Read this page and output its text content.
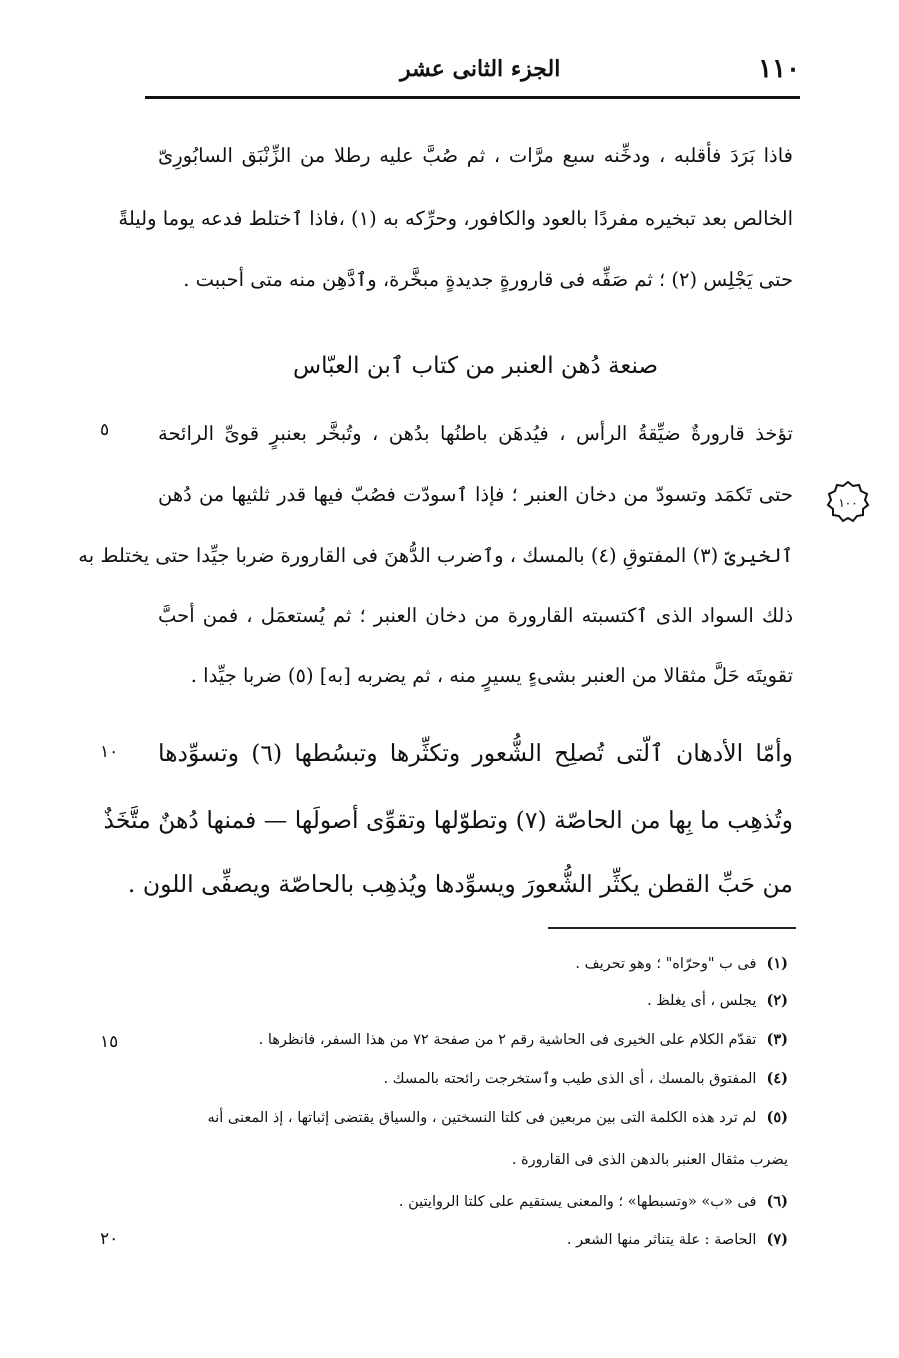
١١٠
الجزء الثانى عشر
فاذا بَرَدَ فأقلبه ، ودخِّنه سبع مرَّات ، ثم صُبَّ عليه رطلا من الزِّنْبَق السابُورِىّ
الخالص بعد تبخيره مفردًا بالعود والكافور، وحرِّكه به (١) ،فاذا ٱختلط فدعه يوما وليلةً
حتى يَجْلِس (٢) ؛ ثم صَفِّه فى قارورةٍ جديدةٍ مبخَّرة، وٱدَّهِن منه متى أحببت .
صنعة دُهن العنبر من كتاب ٱبن العبّاس
تؤخذ قارورةٌ ضيِّقةُ الرأس ، فيُدهَن باطنُها بدُهن ، وتُبخَّر بعنبرٍ قوىِّ الرائحة
حتى تَكمَد وتسودّ من دخان العنبر ؛ فإذا ٱسودّت فصُبّ فيها قدر ثلثيها من دُهن
ٱلخيرىّ (٣) المفتوقِ (٤) بالمسك ، وٱضرب الدُّهنَ فى القارورة ضربا جيِّدا حتى يختلط به
ذلك السواد الذى ٱكتسبته القارورة من دخان العنبر ؛ ثم يُستعمَل ، فمن أحبَّ
تقويتَه حَلَّ مثقالا من العنبر بشىءٍ يسيرٍ منه ، ثم يضربه [به] (٥) ضربا جيِّدا .
وأمّا الأدهان ٱلّتى تُصلِح الشُّعور وتكثِّرها وتبسُطها (٦) وتسوِّدها
وتُذهِب ما بِها من الحاصّة (٧) وتطوّلها وتقوِّى أصولَها — فمنها دُهنٌ متَّخَذٌ
من حَبِّ القطن يكثِّر الشُّعورَ ويسوِّدها ويُذهِب بالحاصّة ويصفِّى اللون .
٥
١٠
١٥
٢٠
١٠٠
(١)فى ب "وحرّاه" ؛ وهو تحريف .
(٢)يجلس ، أى يغلظ .
(٣)تقدّم الكلام على الخيرى فى الحاشية رقم ٢ من صفحة ٧٢ من هذا السفر، فانظرها .
(٤)المفتوق بالمسك ، أى الذى طيب وٱستخرجت رائحته بالمسك .
(٥)لم ترد هذه الكلمة التى بين مربعين فى كلتا النسختين ، والسياق يقتضى إثباتها ، إذ المعنى أنه
يضرب مثقال العنبر بالدهن الذى فى القارورة .
(٦)فى «ب» «وتسبطها» ؛ والمعنى يستقيم على كلتا الروايتين .
(٧)الحاصة : علة يتناثر منها الشعر .
